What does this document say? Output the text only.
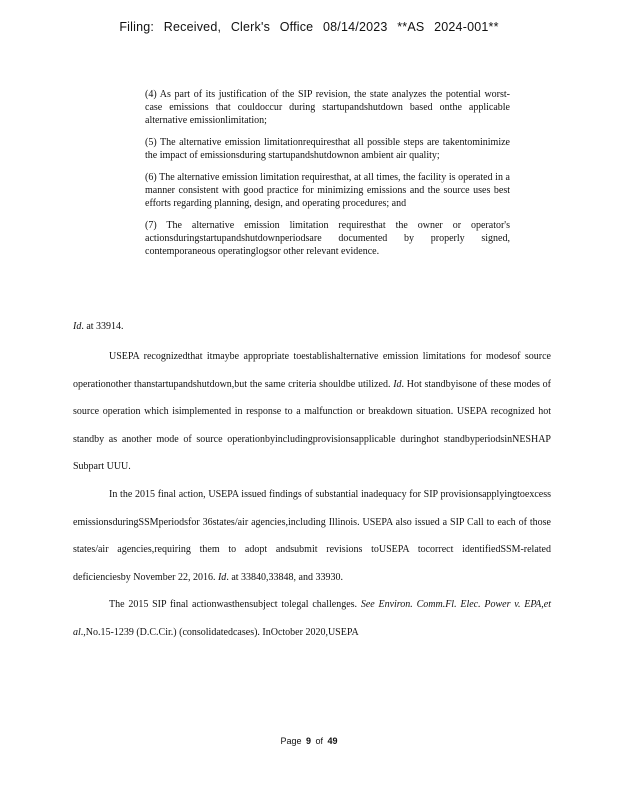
Filing: Received, Clerk's Office 08/14/2023 **AS 2024-001**

(4) As part of its justification of the SIP revision, the state analyzes the potential worst-case emissions that couldoccur during startupandshutdown based onthe applicable alternative emissionlimitation;

(5) The alternative emission limitationrequiresthat all possible steps are takentominimize the impact of emissionsduring startupandshutdownon ambient air quality;

(6) The alternative emission limitation requiresthat, at all times, the facility is operated in a manner consistent with good practice for minimizing emissions and the source uses best efforts regarding planning, design, and operating procedures; and

(7) The alternative emission limitation requiresthat the owner or operator's actionsduringstartupandshutdownperiodsare documented by properly signed, contemporaneous operatinglogsor other relevant evidence.

Id. at 33914.

USEPA recognizedthat itmaybe appropriate toestablishalternative emission limitations for modesof source operationother thanstartupandshutdown,but the same criteria shouldbe utilized. Id. Hot standbyisone of these modes of source operation which isimplemented in response to a malfunction or breakdown situation. USEPA recognized hot standby as another mode of source operationbyincludingprovisionsapplicable duringhot standbyperiodsinNESHAP Subpart UUU.

In the 2015 final action, USEPA issued findings of substantial inadequacy for SIP provisionsapplyingtoexcess emissionsduringSSMperiodsfor 36states/air agencies,including Illinois. USEPA also issued a SIP Call to each of those states/air agencies,requiring them to adopt andsubmit revisions toUSEPA tocorrect identifiedSSM-related deficienciesby November 22, 2016. Id. at 33840,33848, and 33930.

The 2015 SIP final actionwasthensubject tolegal challenges. See Environ. Comm.Fl. Elec. Power v. EPA,et al.,No.15-1239 (D.C.Cir.) (consolidatedcases). InOctober 2020,USEPA

Page 9 of 49
